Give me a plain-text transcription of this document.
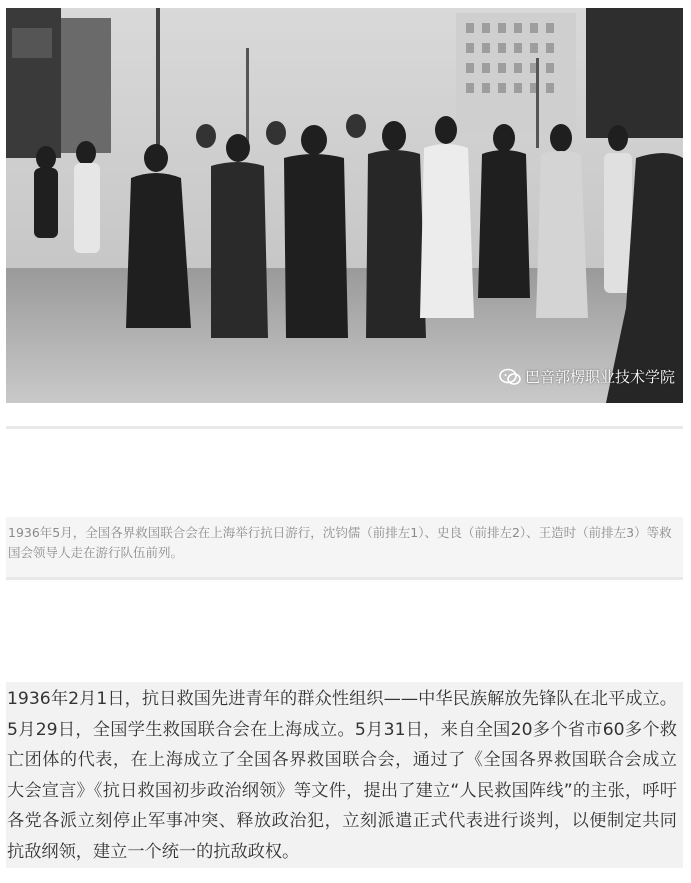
巴音郭楞职业技术学院
1936年5月，全国各界救国联合会在上海举行抗日游行，沈钧儒（前排左1）、史良（前排左2）、王造时（前排左3）等救国会领导人走在游行队伍前列。
1936年2月1日，抗日救国先进青年的群众性组织——中华民族解放先锋队在北平成立。5月29日，全国学生救国联合会在上海成立。5月31日，来自全国20多个省市60多个救亡团体的代表，在上海成立了全国各界救国联合会，通过了《全国各界救国联合会成立大会宣言》《抗日救国初步政治纲领》等文件，提出了建立“人民救国阵线”的主张，呼吁各党各派立刻停止军事冲突、释放政治犯，立刻派遣正式代表进行谈判，以便制定共同抗敌纲领，建立一个统一的抗敌政权。
